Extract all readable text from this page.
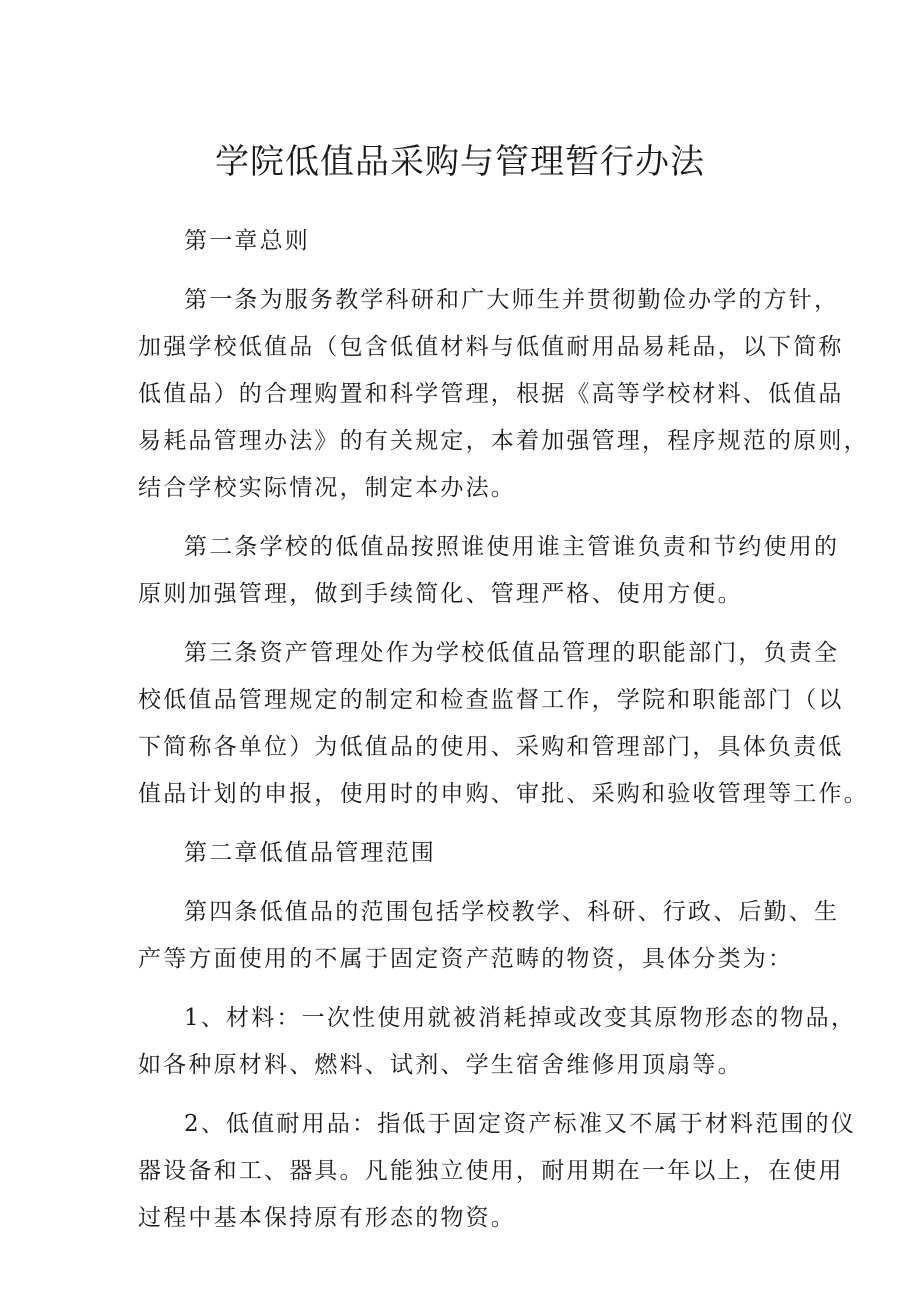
学院低值品采购与管理暂行办法
第一章总则
第一条为服务教学科研和广大师生并贯彻勤俭办学的方针，
加强学校低值品（包含低值材料与低值耐用品易耗品，以下简称
低值品）的合理购置和科学管理，根据《高等学校材料、低值品
易耗品管理办法》的有关规定，本着加强管理，程序规范的原则，
结合学校实际情况，制定本办法。
第二条学校的低值品按照谁使用谁主管谁负责和节约使用的
原则加强管理，做到手续简化、管理严格、使用方便。
第三条资产管理处作为学校低值品管理的职能部门，负责全
校低值品管理规定的制定和检查监督工作，学院和职能部门（以
下简称各单位）为低值品的使用、采购和管理部门，具体负责低
值品计划的申报，使用时的申购、审批、采购和验收管理等工作。
第二章低值品管理范围
第四条低值品的范围包括学校教学、科研、行政、后勤、生
产等方面使用的不属于固定资产范畴的物资，具体分类为：
1、材料：一次性使用就被消耗掉或改变其原物形态的物品，
如各种原材料、燃料、试剂、学生宿舍维修用顶扇等。
2、低值耐用品：指低于固定资产标准又不属于材料范围的仪
器设备和工、器具。凡能独立使用，耐用期在一年以上，在使用
过程中基本保持原有形态的物资。
